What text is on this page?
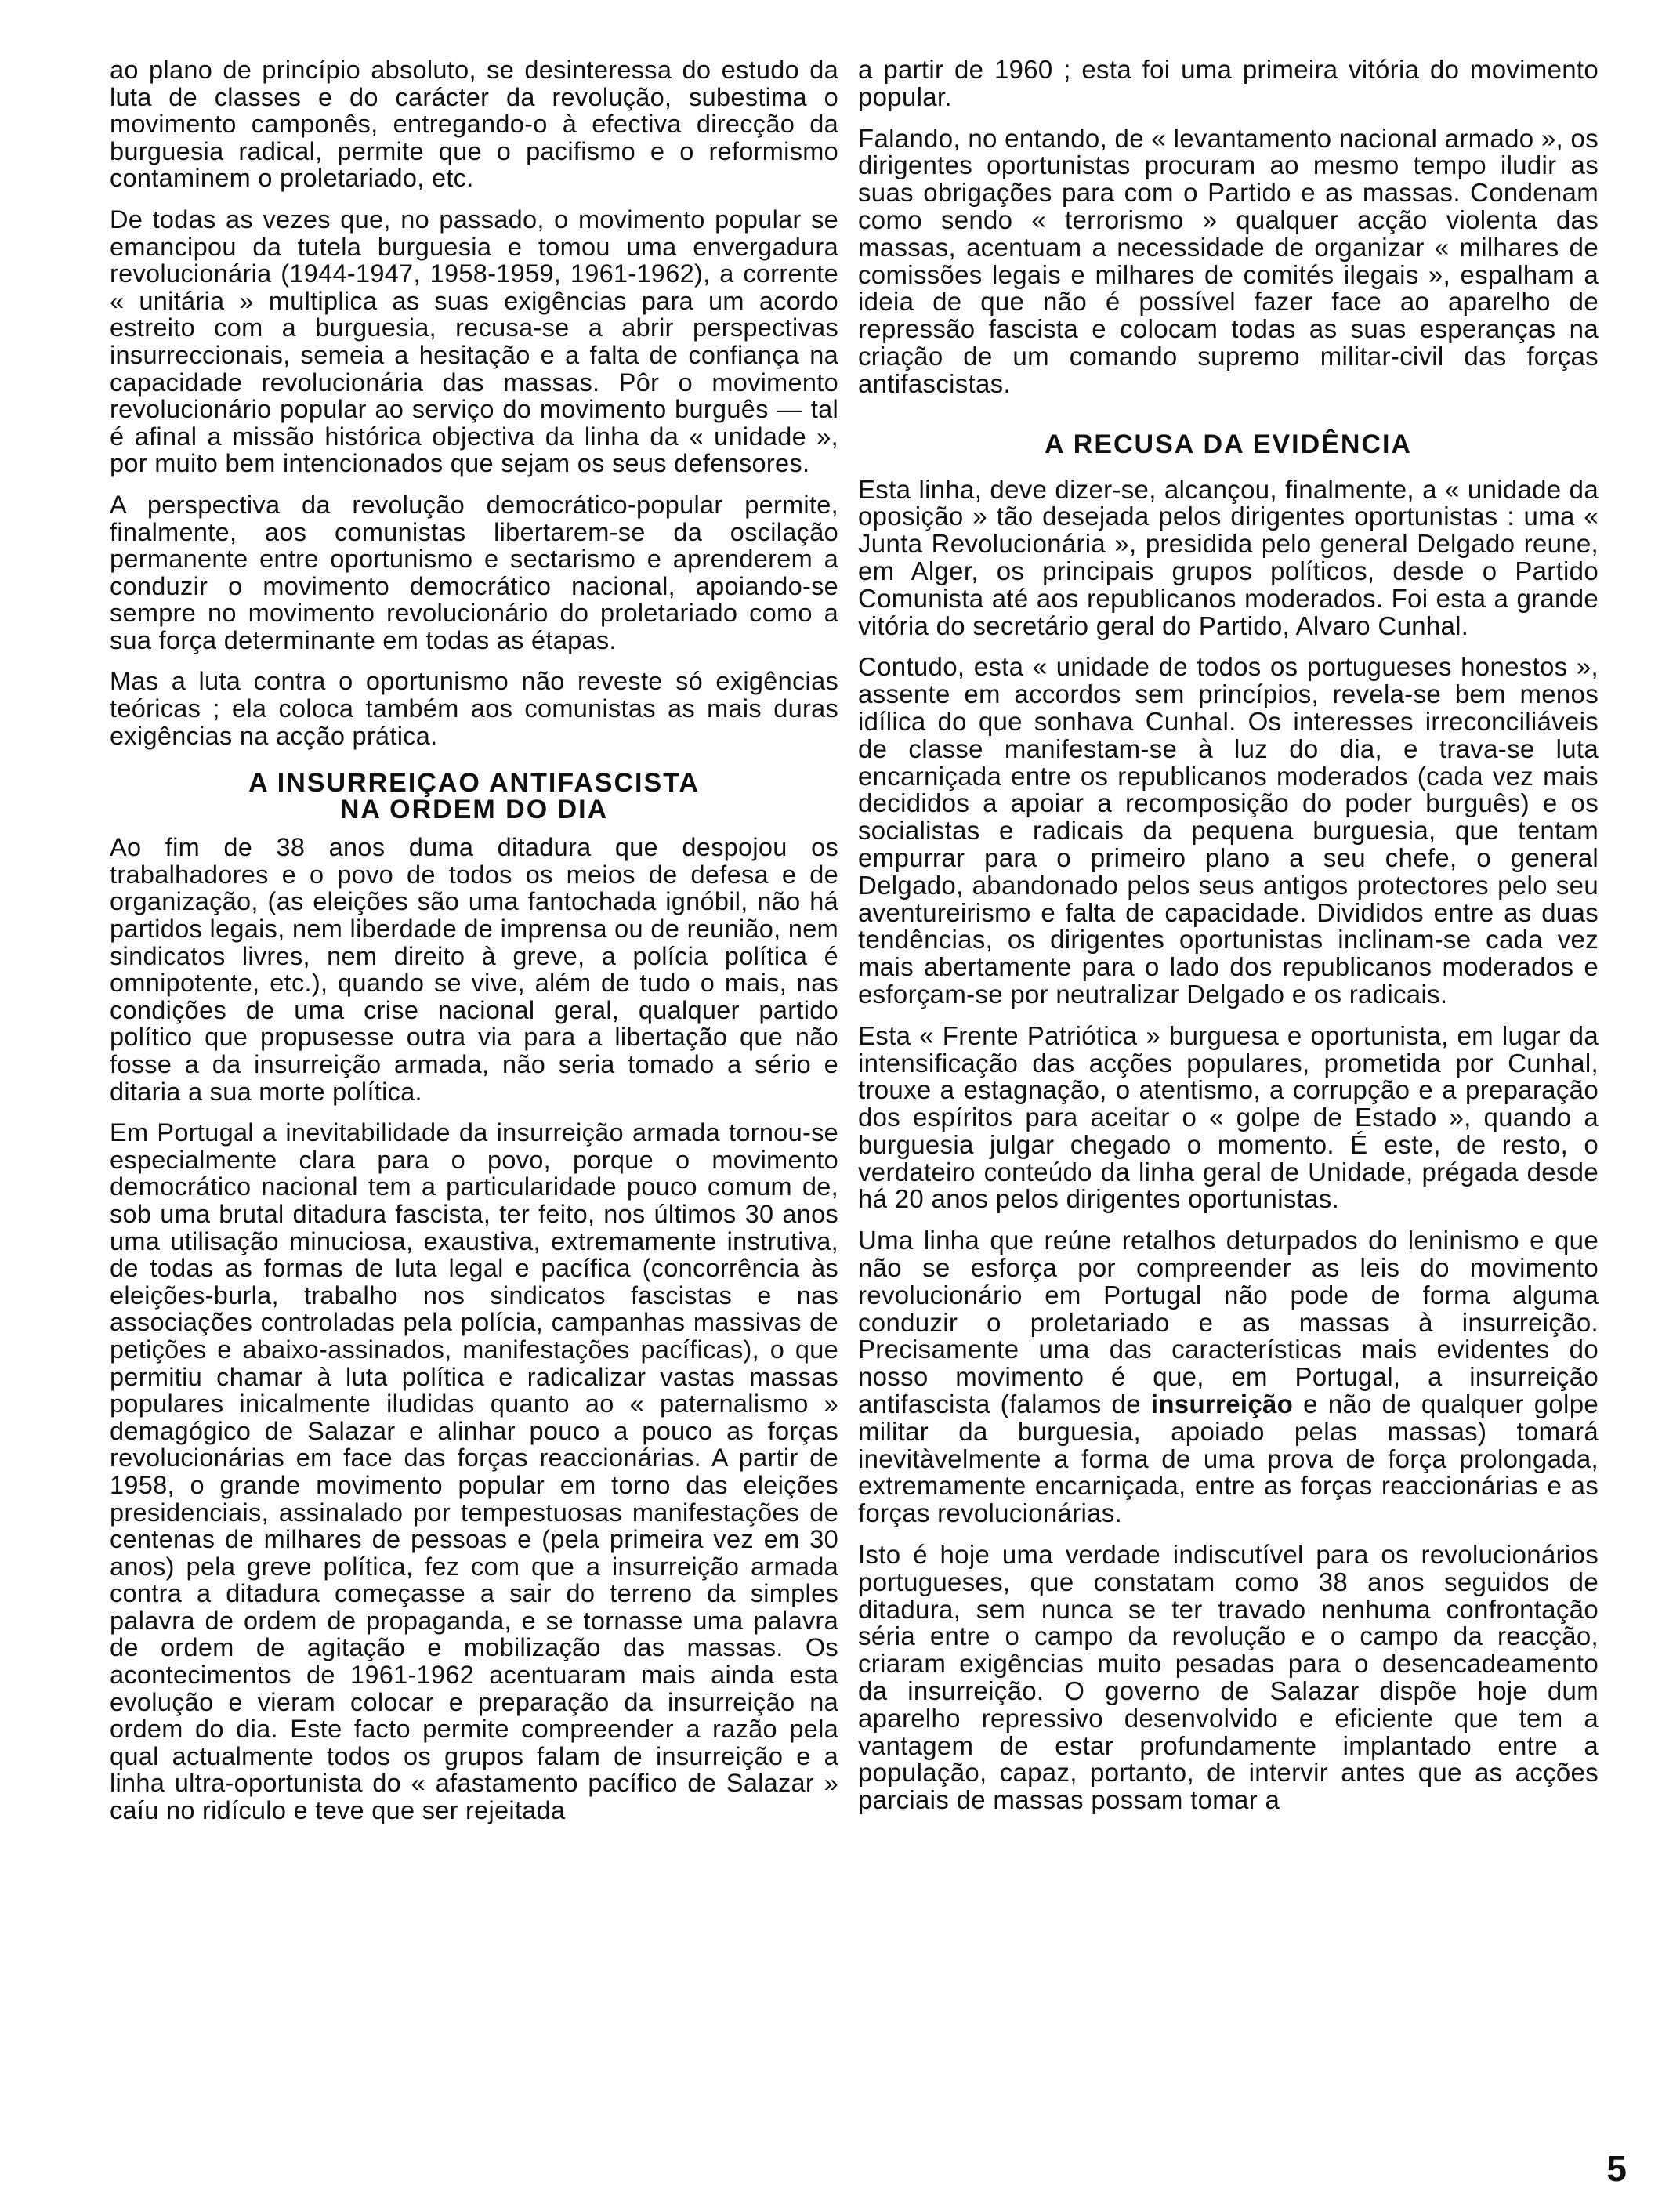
ao plano de princípio absoluto, se desinteressa do estudo da luta de classes e do carácter da revolução, subestima o movimento camponês, entregando-o à efectiva direcção da burguesia radical, permite que o pacifismo e o reformismo contaminem o proletariado, etc.

De todas as vezes que, no passado, o movimento popular se emancipou da tutela burguesia e tomou uma envergadura revolucionária (1944-1947, 1958-1959, 1961-1962), a corrente « unitária » multiplica as suas exigências para um acordo estreito com a burguesia, recusa-se a abrir perspectivas insurreccionais, semeia a hesitação e a falta de confiança na capacidade revolucionária das massas. Pôr o movimento revolucionário popular ao serviço do movimento burguês — tal é afinal a missão histórica objectiva da linha da « unidade », por muito bem intencionados que sejam os seus defensores.

A perspectiva da revolução democrático-popular permite, finalmente, aos comunistas libertarem-se da oscilação permanente entre oportunismo e sectarismo e aprenderem a conduzir o movimento democrático nacional, apoiando-se sempre no movimento revolucionário do proletariado como a sua força determinante em todas as étapas.

Mas a luta contra o oportunismo não reveste só exigências teóricas ; ela coloca também aos comunistas as mais duras exigências na acção prática.

A INSURREIÇAO ANTIFASCISTA
NA ORDEM DO DIA

Ao fim de 38 anos duma ditadura que despojou os trabalhadores e o povo de todos os meios de defesa e de organização, (as eleições são uma fantochada ignóbil, não há partidos legais, nem liberdade de imprensa ou de reunião, nem sindicatos livres, nem direito à greve, a polícia política é omnipotente, etc.), quando se vive, além de tudo o mais, nas condições de uma crise nacional geral, qualquer partido político que propusesse outra via para a libertação que não fosse a da insurreição armada, não seria tomado a sério e ditaria a sua morte política.

Em Portugal a inevitabilidade da insurreição armada tornou-se especialmente clara para o povo, porque o movimento democrático nacional tem a particularidade pouco comum de, sob uma brutal ditadura fascista, ter feito, nos últimos 30 anos uma utilisação minuciosa, exaustiva, extremamente instrutiva, de todas as formas de luta legal e pacífica (concorrência às eleições-burla, trabalho nos sindicatos fascistas e nas associações controladas pela polícia, campanhas massivas de petições e abaixo-assinados, manifestações pacíficas), o que permitiu chamar à luta política e radicalizar vastas massas populares inicalmente iludidas quanto ao « paternalismo » demagógico de Salazar e alinhar pouco a pouco as forças revolucionárias em face das forças reaccionárias. A partir de 1958, o grande movimento popular em torno das eleições presidenciais, assinalado por tempestuosas manifestações de centenas de milhares de pessoas e (pela primeira vez em 30 anos) pela greve política, fez com que a insurreição armada contra a ditadura começasse a sair do terreno da simples palavra de ordem de propaganda, e se tornasse uma palavra de ordem de agitação e mobilização das massas. Os acontecimentos de 1961-1962 acentuaram mais ainda esta evolução e vieram colocar e preparação da insurreição na ordem do dia. Este facto permite compreender a razão pela qual actualmente todos os grupos falam de insurreição e a linha ultra-oportunista do « afastamento pacífico de Salazar » caíu no ridículo e teve que ser rejeitada

a partir de 1960 ; esta foi uma primeira vitória do movimento popular.

Falando, no entando, de « levantamento nacional armado », os dirigentes oportunistas procuram ao mesmo tempo iludir as suas obrigações para com o Partido e as massas. Condenam como sendo « terrorismo » qualquer acção violenta das massas, acentuam a necessidade de organizar « milhares de comissões legais e milhares de comités ilegais », espalham a ideia de que não é possível fazer face ao aparelho de repressão fascista e colocam todas as suas esperanças na criação de um comando supremo militar-civil das forças antifascistas.

A RECUSA DA EVIDÊNCIA

Esta linha, deve dizer-se, alcançou, finalmente, a « unidade da oposição » tão desejada pelos dirigentes oportunistas : uma « Junta Revolucionária », presidida pelo general Delgado reune, em Alger, os principais grupos políticos, desde o Partido Comunista até aos republicanos moderados. Foi esta a grande vitória do secretário geral do Partido, Alvaro Cunhal.

Contudo, esta « unidade de todos os portugueses honestos », assente em accordos sem princípios, revela-se bem menos idílica do que sonhava Cunhal. Os interesses irreconciliáveis de classe manifestam-se à luz do dia, e trava-se luta encarniçada entre os republicanos moderados (cada vez mais decididos a apoiar a recomposição do poder burguês) e os socialistas e radicais da pequena burguesia, que tentam empurrar para o primeiro plano a seu chefe, o general Delgado, abandonado pelos seus antigos protectores pelo seu aventureirismo e falta de capacidade. Divididos entre as duas tendências, os dirigentes oportunistas inclinam-se cada vez mais abertamente para o lado dos republicanos moderados e esforçam-se por neutralizar Delgado e os radicais.

Esta « Frente Patriótica » burguesa e oportunista, em lugar da intensificação das acções populares, prometida por Cunhal, trouxe a estagnação, o atentismo, a corrupção e a preparação dos espíritos para aceitar o « golpe de Estado », quando a burguesia julgar chegado o momento. É este, de resto, o verdateiro conteúdo da linha geral de Unidade, prégada desde há 20 anos pelos dirigentes oportunistas.

Uma linha que reúne retalhos deturpados do leninismo e que não se esforça por compreender as leis do movimento revolucionário em Portugal não pode de forma alguma conduzir o proletariado e as massas à insurreição. Precisamente uma das características mais evidentes do nosso movimento é que, em Portugal, a insurreição antifascista (falamos de insurreição e não de qualquer golpe militar da burguesia, apoiado pelas massas) tomará inevitàvelmente a forma de uma prova de força prolongada, extremamente encarniçada, entre as forças reaccionárias e as forças revolucionárias.

Isto é hoje uma verdade indiscutível para os revolucionários portugueses, que constatam como 38 anos seguidos de ditadura, sem nunca se ter travado nenhuma confrontação séria entre o campo da revolução e o campo da reacção, criaram exigências muito pesadas para o desencadeamento da insurreição. O governo de Salazar dispõe hoje dum aparelho repressivo desenvolvido e eficiente que tem a vantagem de estar profundamente implantado entre a população, capaz, portanto, de intervir antes que as acções parciais de massas possam tomar a

5
